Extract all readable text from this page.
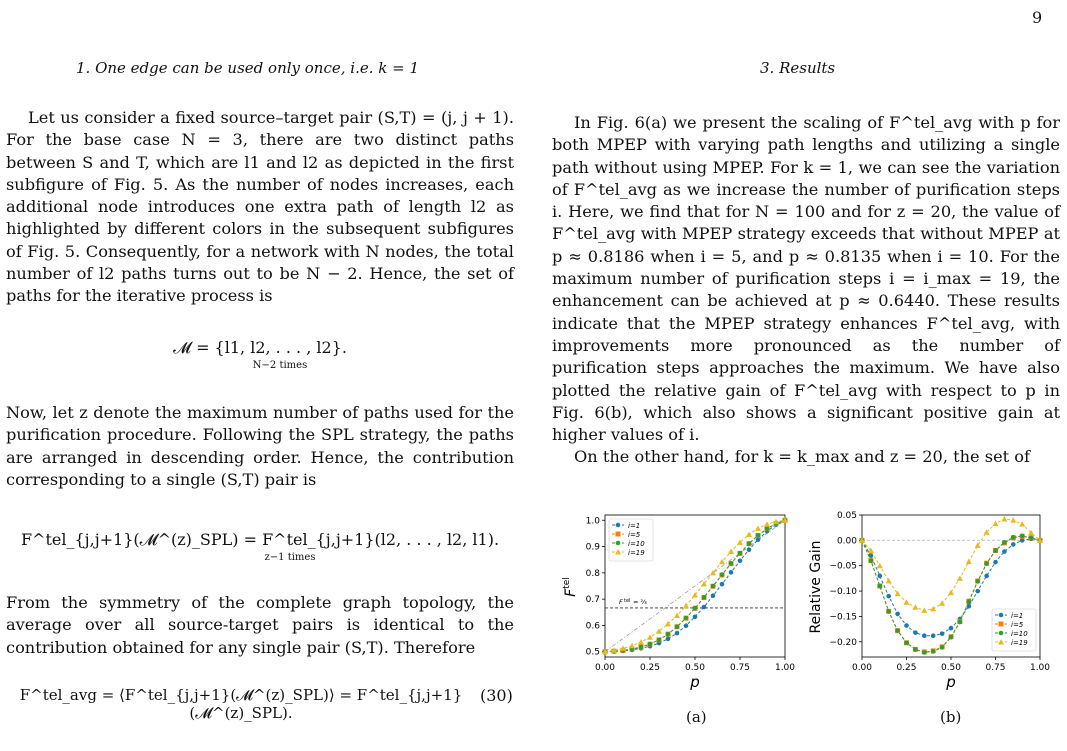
9
1. One edge can be used only once, i.e. k = 1

Let us consider a fixed source–target pair (S,T) = (j, j + 1). For the base case N = 3, there are two distinct paths between S and T, which are l1 and l2 as depicted in the first subfigure of Fig. 5. As the number of nodes increases, each additional node introduces one extra path of length l2 as highlighted by different colors in the subsequent subfigures of Fig. 5. Consequently, for a network with N nodes, the total number of l2 paths turns out to be N − 2. Hence, the set of paths for the iterative process is

𝓜 = {l1, l2, . . . , l2}.
N−2 times

Now, let z denote the maximum number of paths used for the purification procedure. Following the SPL strategy, the paths are arranged in descending order. Hence, the contribution corresponding to a single (S,T) pair is

F^tel_{j,j+1}(𝓜^(z)_SPL) = F^tel_{j,j+1}(l2, . . . , l2, l1).
z−1 times

From the symmetry of the complete graph topology, the average over all source-target pairs is identical to the contribution obtained for any single pair (S,T). Therefore

F^tel_avg = ⟨F^tel_{j,j+1}(𝓜^(z)_SPL)⟩ = F^tel_{j,j+1}(𝓜^(z)_SPL).
(30)
3. Results

In Fig. 6(a) we present the scaling of F^tel_avg with p for both MPEP with varying path lengths and utilizing a single path without using MPEP. For k = 1, we can see the variation of F^tel_avg as we increase the number of purification steps i. Here, we find that for N = 100 and for z = 20, the value of F^tel_avg with MPEP strategy exceeds that without MPEP at p ≈ 0.8186 when i = 5, and p ≈ 0.8135 when i = 10. For the maximum number of purification steps i = i_max = 19, the enhancement can be achieved at p ≈ 0.6440. These results indicate that the MPEP strategy enhances F^tel_avg, with improvements more pronounced as the number of purification steps approaches the maximum. We have also plotted the relative gain of F^tel_avg with respect to p in Fig. 6(b), which also shows a significant positive gain at higher values of i.

On the other hand, for k = k_max and z = 20, the set of

0.00	0.25	0.50	0.75	1.00
0.5
0.6
0.7
0.8
0.9
1.0
p
$F^{tel}$
F tel = ⅔
i=1
i=5
i=10
i=19
(a)
0.00	0.25	0.50	0.75	1.00
0.05
0.00
−0.05
−0.10
−0.15
−0.20
p
Relative Gain	i=1
i=5
i=10
i=19
(b)
